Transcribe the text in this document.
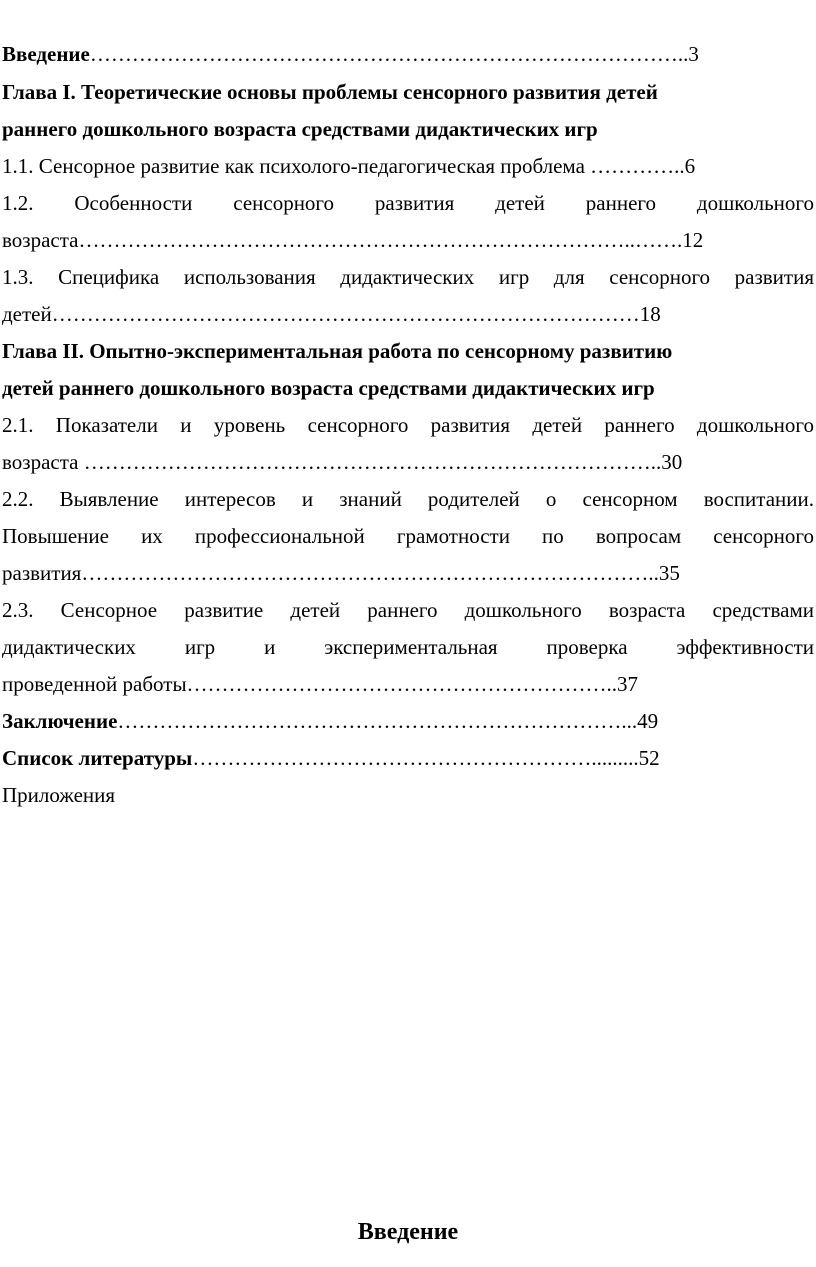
Введение…………………………………………………………………………..3

Глава I. Теоретические основы проблемы сенсорного развития детей

раннего дошкольного возраста средствами дидактических игр

1.1. Сенсорное развитие как психолого-педагогическая проблема …………..6

1.2. Особенности сенсорного развития детей раннего дошкольного

возраста……………………………………………………………………..…….12

1.3. Специфика использования дидактических игр для сенсорного развития

детей…………………………………………………………………………18

Глава II. Опытно-экспериментальная работа по сенсорному развитию

детей раннего дошкольного возраста средствами дидактических игр

2.1. Показатели и уровень сенсорного развития детей раннего дошкольного

возраста ………………………………………………………………………..30

2.2. Выявление интересов и знаний родителей о сенсорном воспитании.

Повышение их профессиональной грамотности по вопросам сенсорного

развития………………………………………………………………………..35

2.3. Сенсорное развитие детей раннего дошкольного возраста средствами

дидактических игр и экспериментальная проверка эффективности

проведенной работы……………………………………………………..37

Заключение………………………………………………………………...49

Список литературы………………………………………………….........52

Приложения

Введение
